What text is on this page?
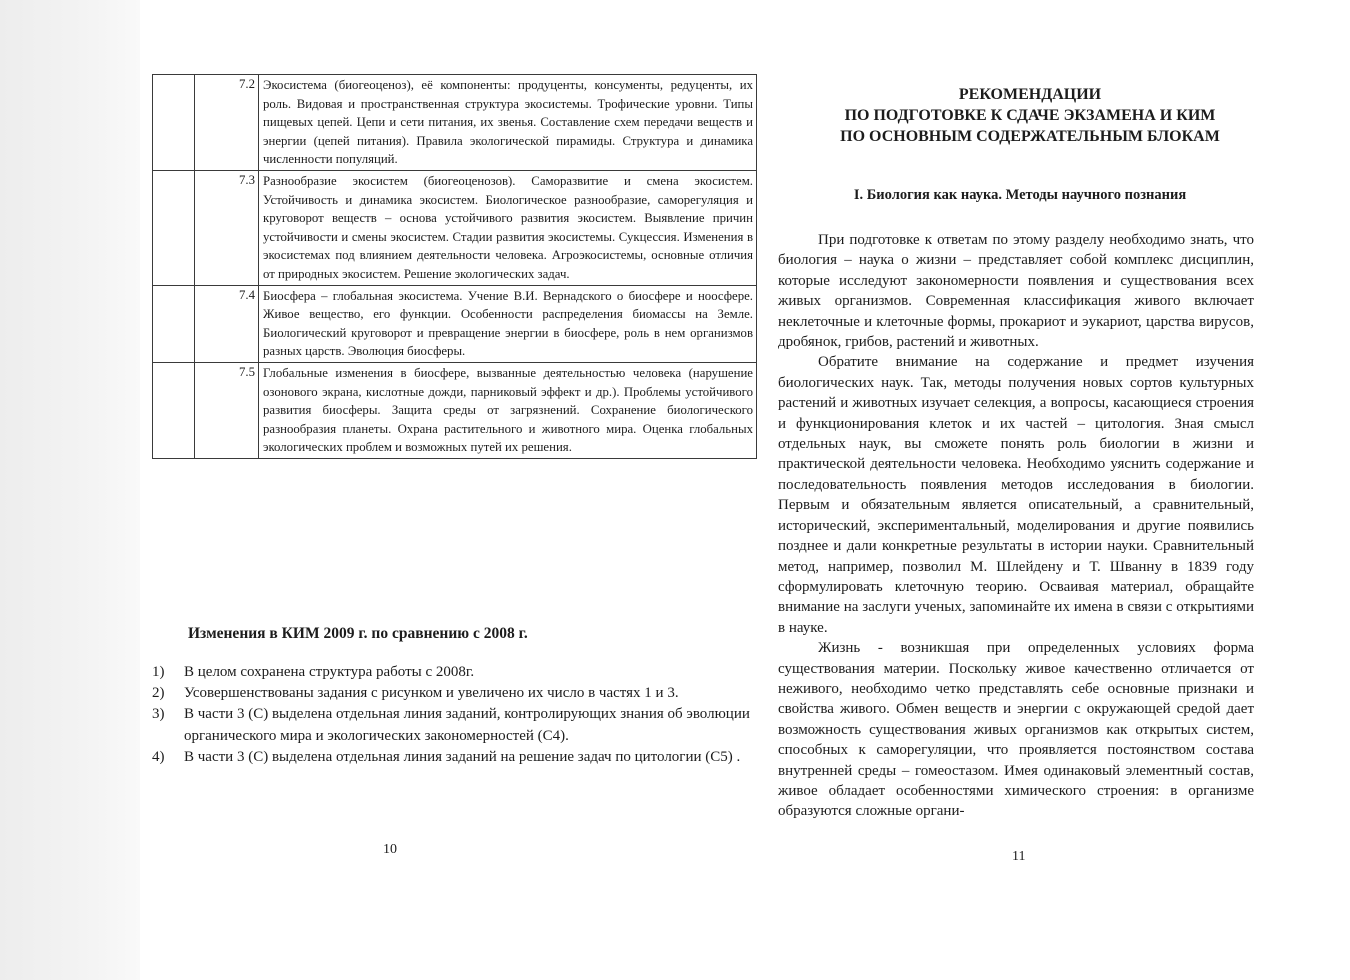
	7.2	Экосистема (биогеоценоз), её компоненты: продуценты, консументы, редуценты, их роль. Видовая и пространственная структура экосистемы. Трофические уровни. Типы пищевых цепей. Цепи и сети питания, их звенья. Составление схем передачи веществ и энергии (цепей питания). Правила экологической пирамиды. Структура и динамика численности популяций.
	7.3	Разнообразие экосистем (биогеоценозов). Саморазвитие и смена экосистем. Устойчивость и динамика экосистем. Биологическое разнообразие, саморегуляция и круговорот веществ – основа устойчивого развития экосистем. Выявление причин устойчивости и смены экосистем. Стадии развития экосистемы. Сукцессия. Изменения в экосистемах под влиянием деятельности человека. Агроэкосистемы, основные отличия от природных экосистем. Решение экологических задач.
	7.4	Биосфера – глобальная экосистема. Учение В.И. Вернадского о биосфере и ноосфере. Живое вещество, его функции. Особенности распределения биомассы на Земле. Биологический круговорот и превращение энергии в биосфере, роль в нем организмов разных царств. Эволюция биосферы.
	7.5	Глобальные изменения в биосфере, вызванные деятельностью человека (нарушение озонового экрана, кислотные дожди, парниковый эффект и др.). Проблемы устойчивого развития биосферы. Защита среды от загрязнений. Сохранение биологического разнообразия планеты. Охрана растительного и животного мира. Оценка глобальных экологических проблем и возможных путей их решения.
Изменения в КИМ 2009 г. по сравнению с 2008 г.
1)	В целом сохранена структура работы с 2008г.
2)	Усовершенствованы задания с рисунком и увеличено их число в частях 1 и 3.
3)	В части 3 (С) выделена отдельная линия заданий, контролирующих знания об эволюции органического мира и экологических закономерностей (С4).
4)	В части 3 (С) выделена отдельная линия заданий на решение задач по цитологии (С5) .
10
РЕКОМЕНДАЦИИ
ПО ПОДГОТОВКЕ К СДАЧЕ ЭКЗАМЕНА И КИМ
ПО ОСНОВНЫМ СОДЕРЖАТЕЛЬНЫМ БЛОКАМ
I. Биология как наука. Методы научного познания

При подготовке к ответам по этому разделу необходимо знать, что биология – наука о жизни – представляет собой комплекс дисциплин, которые исследуют закономерности появления и существования всех живых организмов. Современная классификация живого включает неклеточные и клеточные формы, прокариот и эукариот, царства вирусов, дробянок, грибов, растений и животных.

Обратите внимание на содержание и предмет изучения биологических наук. Так, методы получения новых сортов культурных растений и животных изучает селекция, а вопросы, касающиеся строения и функционирования клеток и их частей – цитология. Зная смысл отдельных наук, вы сможете понять роль биологии в жизни и практической деятельности человека. Необходимо уяснить содержание и последовательность появления методов исследования в биологии. Первым и обязательным является описательный, а сравнительный, исторический, экспериментальный, моделирования и другие появились позднее и дали конкретные результаты в истории науки. Сравнительный метод, например, позволил М. Шлейдену и Т. Шванну в 1839 году сформулировать клеточную теорию. Осваивая материал, обращайте внимание на заслуги ученых, запоминайте их имена в связи с открытиями в науке.

Жизнь - возникшая при определенных условиях форма существования материи. Поскольку живое качественно отличается от неживого, необходимо четко представлять себе основные признаки и свойства живого. Обмен веществ и энергии с окружающей средой дает возможность существования живых организмов как открытых систем, способных к саморегуляции, что проявляется постоянством состава внутренней среды – гомеостазом. Имея одинаковый элементный состав, живое обладает особенностями химического строения: в организме образуются сложные органи-

11
